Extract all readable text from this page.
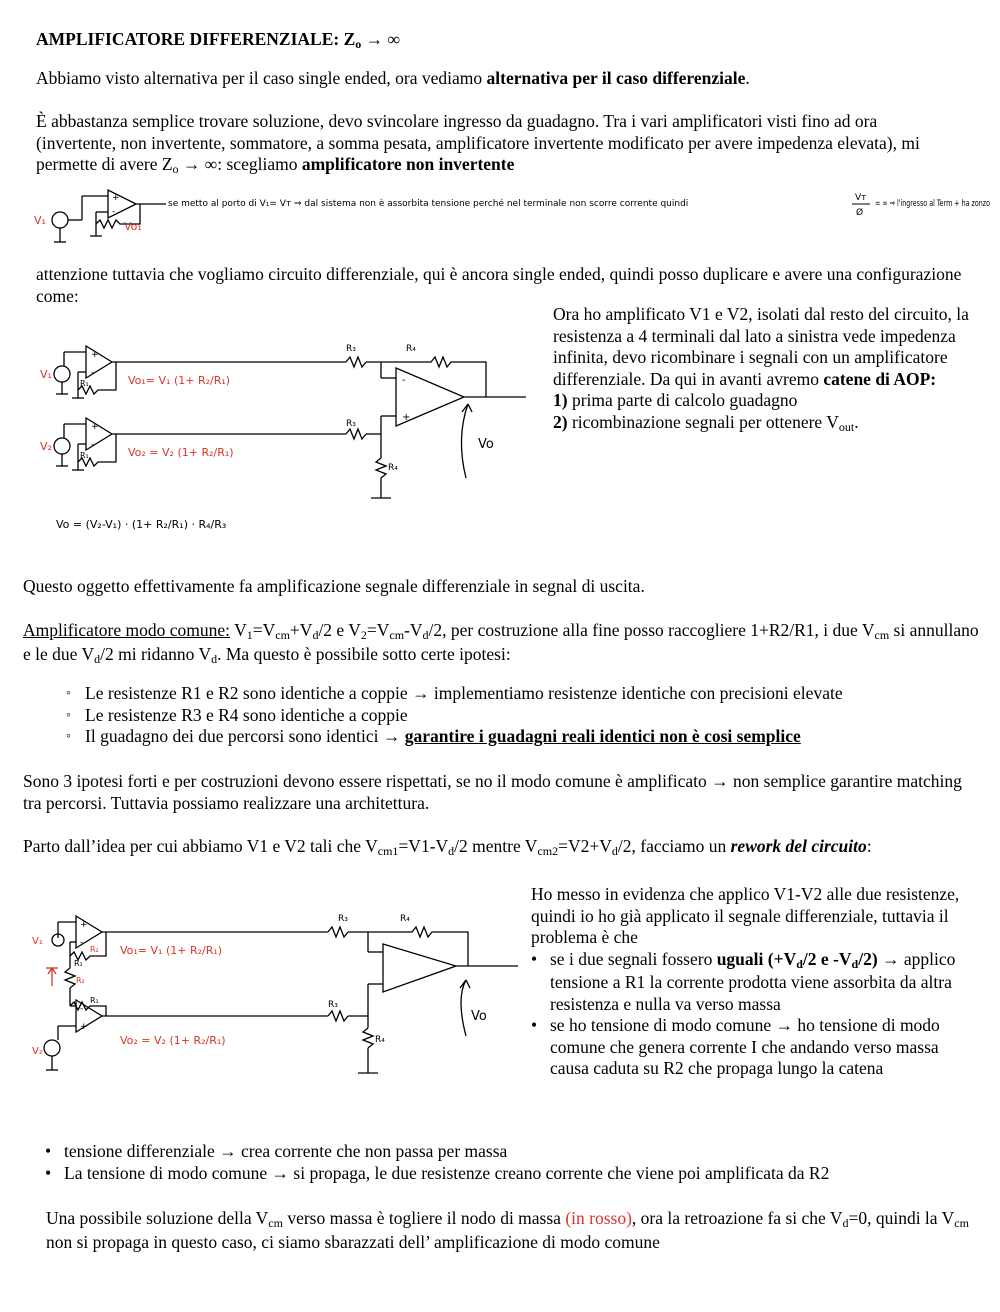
AMPLIFICATORE DIFFERENZIALE: Zo → ∞

Abbiamo visto alternativa per il caso single ended, ora vediamo alternativa per il caso differenziale.

È abbastanza semplice trovare soluzione, devo svincolare ingresso da guadagno. Tra i vari amplificatori visti fino ad ora (invertente, non invertente, sommatore, a somma pesata, amplificatore invertente modificato per avere impedenza elevata), mi permette di avere Zo → ∞: scegliamo amplificatore non invertente

+
-
V₁	Vo₁
se metto al porto di V₁= Vт ⇒ dal sistema non è assorbita tensione perché nel terminale non scorre corrente quindi
Vт
Ø
= ∞ ⇒ l'ingresso al Term + ha zonzo

attenzione tuttavia che vogliamo circuito differenziale, qui è ancora single ended, quindi posso duplicare e avere una configurazione come:

+
-
+
-
-
+
V₁
V₂
R₁
R₁
Vo₁= V₁ (1+ R₂/R₁)
Vo₂ = V₂ (1+ R₂/R₁)
R₃
R₃
R₄
R₄
Vo
Vo = (V₂-V₁) · (1+ R₂/R₁) · R₄/R₃

Ora ho amplificato V1 e V2, isolati dal resto del circuito, la resistenza a 4 terminali dal lato a sinistra vede impedenza infinita, devo ricombinare i segnali con un amplificatore differenziale. Da qui in avanti avremo catene di AOP:

1) prima parte di calcolo guadagno

2) ricombinazione segnali per ottenere Vout.

Questo oggetto effettivamente fa amplificazione segnale differenziale in segnal di uscita.

Amplificatore modo comune: V1=Vcm+Vd/2 e V2=Vcm-Vd/2, per costruzione alla fine posso raccogliere 1+R2/R1, i due Vcm si annullano e le due Vd/2 mi ridanno Vd. Ma questo è possibile sotto certe ipotesi:

◦ Le resistenze R1 e R2 sono identiche a coppie → implementiamo resistenze identiche con precisioni elevate
◦ Le resistenze R3 e R4 sono identiche a coppie
◦ Il guadagno dei due percorsi sono identici → garantire i guadagni reali identici non è cosi semplice

Sono 3 ipotesi forti e per costruzioni devono essere rispettati, se no il modo comune è amplificato → non semplice garantire matching tra percorsi. Tuttavia possiamo realizzare una architettura.

Parto dall’idea per cui abbiamo V1 e V2 tali che Vcm1=V1-Vd/2 mentre Vcm2=V2+Vd/2, facciamo un rework del circuito:

+
-
-
+
V₁
V₂
R₁
R₂
R₂
R₁
Vo₁= V₁ (1+ R₂/R₁)
Vo₂ = V₂ (1+ R₂/R₁)
R₃
R₃
R₄
R₄
Vo

Ho messo in evidenza che applico V1-V2 alle due resistenze, quindi io ho già applicato il segnale differenziale, tuttavia il problema è che

• se i due segnali fossero uguali (+Vd/2 e -Vd/2) → applico tensione a R1 la corrente prodotta viene assorbita da altra resistenza e nulla va verso massa
• se ho tensione di modo comune → ho tensione di modo comune che genera corrente I che andando verso massa causa caduta su R2 che propaga lungo la catena
• tensione differenziale → crea corrente che non passa per massa
• La tensione di modo comune → si propaga, le due resistenze creano corrente che viene poi amplificata da R2

Una possibile soluzione della Vcm verso massa è togliere il nodo di massa (in rosso), ora la retroazione fa si che Vd=0, quindi la Vcm non si propaga in questo caso, ci siamo sbarazzati dell’ amplificazione di modo comune
